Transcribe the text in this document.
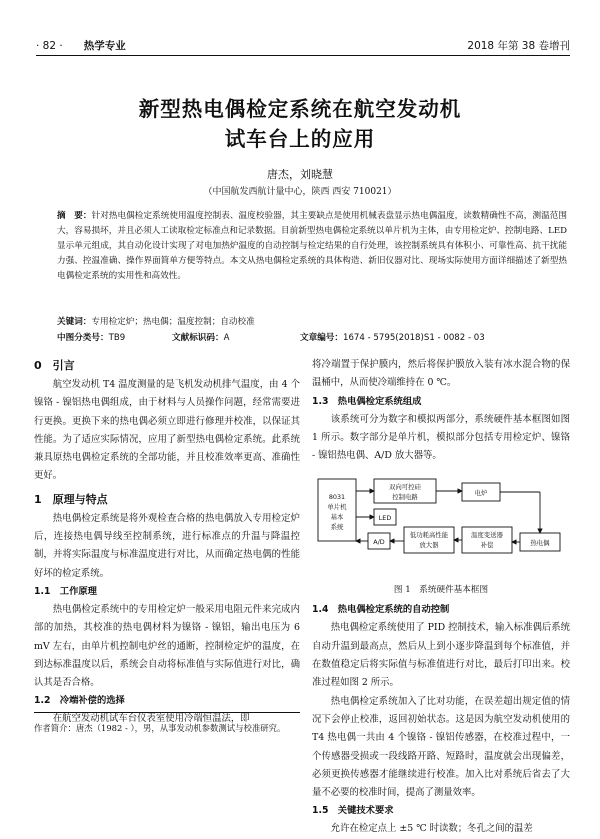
· 82 ·　　 热学专业	2018 年第 38 卷增刊
新型热电偶检定系统在航空发动机
试车台上的应用
唐杰，刘晓慧
（中国航发西航计量中心，陕西 西安 710021）
摘　要：针对热电偶检定系统使用温度控制表、温度校验器，其主要缺点是使用机械表盘显示热电偶温度，读数精确性不高，测温范围大，容易损坏，并且必须人工读取检定标准点和记录数据。目前新型热电偶检定系统以单片机为主体，由专用检定炉、控制电路、LED 显示单元组成，其自动化设计实现了对电加热炉温度的自动控制与检定结果的自行处理，该控制系统具有体积小、可靠性高、抗干扰能力强、控温准确、操作界面简单方便等特点。本文从热电偶检定系统的具体构造、新旧仪器对比、现场实际使用方面详细描述了新型热电偶检定系统的实用性和高效性。
关键词：专用检定炉；热电偶；温度控制；自动校准
中图分类号：TB9	文献标识码：A	文章编号：1674 - 5795(2018)S1 - 0082 - 03
0　引言

航空发动机 T4 温度测量的是飞机发动机排气温度，由 4 个镍铬 - 镍铝热电偶组成，由于材料与人员操作问题，经常需要进行更换。更换下来的热电偶必须立即进行修理并校准，以保证其性能。为了适应实际情况，应用了新型热电偶检定系统。此系统兼具原热电偶检定系统的全部功能，并且校准效率更高、准确性更好。

1　原理与特点

热电偶检定系统是将外观检查合格的热电偶放入专用检定炉后，连接热电偶导线至控制系统，进行标准点的升温与降温控制，并将实际温度与标准温度进行对比，从而确定热电偶的性能好坏的检定系统。

1.1　工作原理

热电偶检定系统中的专用检定炉一般采用电阻元件来完成内部的加热，其校准的热电偶材料为镍铬 - 镍铝，输出电压为 6 mV 左右，由单片机控制电炉丝的通断，控制检定炉的温度，在到达标准温度以后，系统会自动将标准值与实际值进行对比，确认其是否合格。

1.2　冷端补偿的选择

在航空发动机试车台仪表室使用冷端恒温法，即

将冷端置于保护膜内，然后将保护膜放入装有冰水混合物的保温桶中，从而使冷端维持在 0 ℃。

1.3　热电偶检定系统组成

该系统可分为数字和模拟两部分，系统硬件基本框图如图 1 所示。数字部分是单片机，模拟部分包括专用检定炉、镍铬 - 镍铝热电偶、A/D 放大器等。

8031
单片机
基本
系统
双向可控硅
控制电路	电炉
LED
A/D
低功耗高性能
放大器
温度变送器
补偿	热电偶
图 1　系统硬件基本框图
1.4　热电偶检定系统的自动控制

热电偶检定系统使用了 PID 控制技术，输入标准偶后系统自动升温到最高点，然后从上到小逐步降温到每个标准值，并在数值稳定后将实际值与标准值进行对比，最后打印出来。校准过程如图 2 所示。

热电偶检定系统加入了比对功能，在误差超出规定值的情况下会停止校准，返回初始状态。这是因为航空发动机使用的 T4 热电偶一共由 4 个镍铬 - 镍铝传感器，在校准过程中，一个传感器受损或一段线路开路、短路时，温度就会出现偏差，必须更换传感器才能继续进行校准。加入比对系统后省去了大量不必要的校准时间，提高了测量效率。

1.5　关键技术要求

允许在检定点上 ±5 ℃ 时读数；冬孔之间的温差

作者简介：唐杰（1982 - ），男，从事发动机参数测试与校准研究。
